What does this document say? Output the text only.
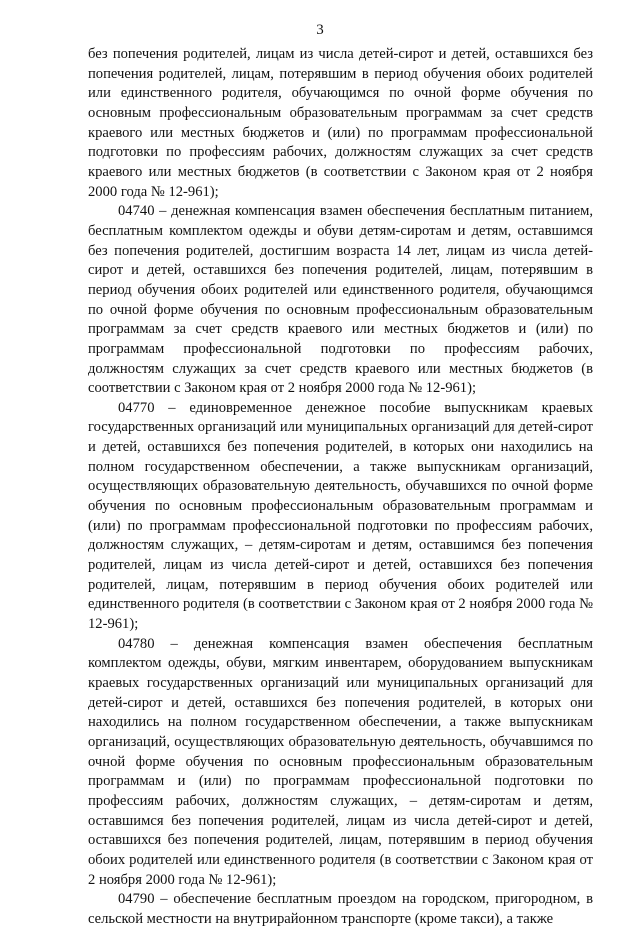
3

без попечения родителей, лицам из числа детей-сирот и детей, оставшихся без попечения родителей, лицам, потерявшим в период обучения обоих родителей или единственного родителя, обучающимся по очной форме обучения по основным профессиональным образовательным программам за счет средств краевого или местных бюджетов и (или) по программам профессиональной подготовки по профессиям рабочих, должностям служащих за счет средств краевого или местных бюджетов (в соответствии с Законом края от 2 ноября 2000 года № 12-961);

04740 – денежная компенсация взамен обеспечения бесплатным питанием, бесплатным комплектом одежды и обуви детям-сиротам и детям, оставшимся без попечения родителей, достигшим возраста 14 лет, лицам из числа детей-сирот и детей, оставшихся без попечения родителей, лицам, потерявшим в период обучения обоих родителей или единственного родителя, обучающимся по очной форме обучения по основным профессиональным образовательным программам за счет средств краевого или местных бюджетов и (или) по программам профессиональной подготовки по профессиям рабочих, должностям служащих за счет средств краевого или местных бюджетов (в соответствии с Законом края от 2 ноября 2000 года № 12-961);

04770 – единовременное денежное пособие выпускникам краевых государственных организаций или муниципальных организаций для детей-сирот и детей, оставшихся без попечения родителей, в которых они находились на полном государственном обеспечении, а также выпускникам организаций, осуществляющих образовательную деятельность, обучавшихся по очной форме обучения по основным профессиональным образовательным программам и (или) по программам профессиональной подготовки по профессиям рабочих, должностям служащих, – детям-сиротам и детям, оставшимся без попечения родителей, лицам из числа детей-сирот и детей, оставшихся без попечения родителей, лицам, потерявшим в период обучения обоих родителей или единственного родителя (в соответствии с Законом края от 2 ноября 2000 года № 12-961);

04780 – денежная компенсация взамен обеспечения бесплатным комплектом одежды, обуви, мягким инвентарем, оборудованием выпускникам краевых государственных организаций или муниципальных организаций для детей-сирот и детей, оставшихся без попечения родителей, в которых они находились на полном государственном обеспечении, а также выпускникам организаций, осуществляющих образовательную деятельность, обучавшимся по очной форме обучения по основным профессиональным образовательным программам и (или) по программам профессиональной подготовки по профессиям рабочих, должностям служащих, – детям-сиротам и детям, оставшимся без попечения родителей, лицам из числа детей-сирот и детей, оставшихся без попечения родителей, лицам, потерявшим в период обучения обоих родителей или единственного родителя (в соответствии с Законом края от 2 ноября 2000 года № 12-961);

04790 – обеспечение бесплатным проездом на городском, пригородном, в сельской местности на внутрирайонном транспорте (кроме такси), а также
